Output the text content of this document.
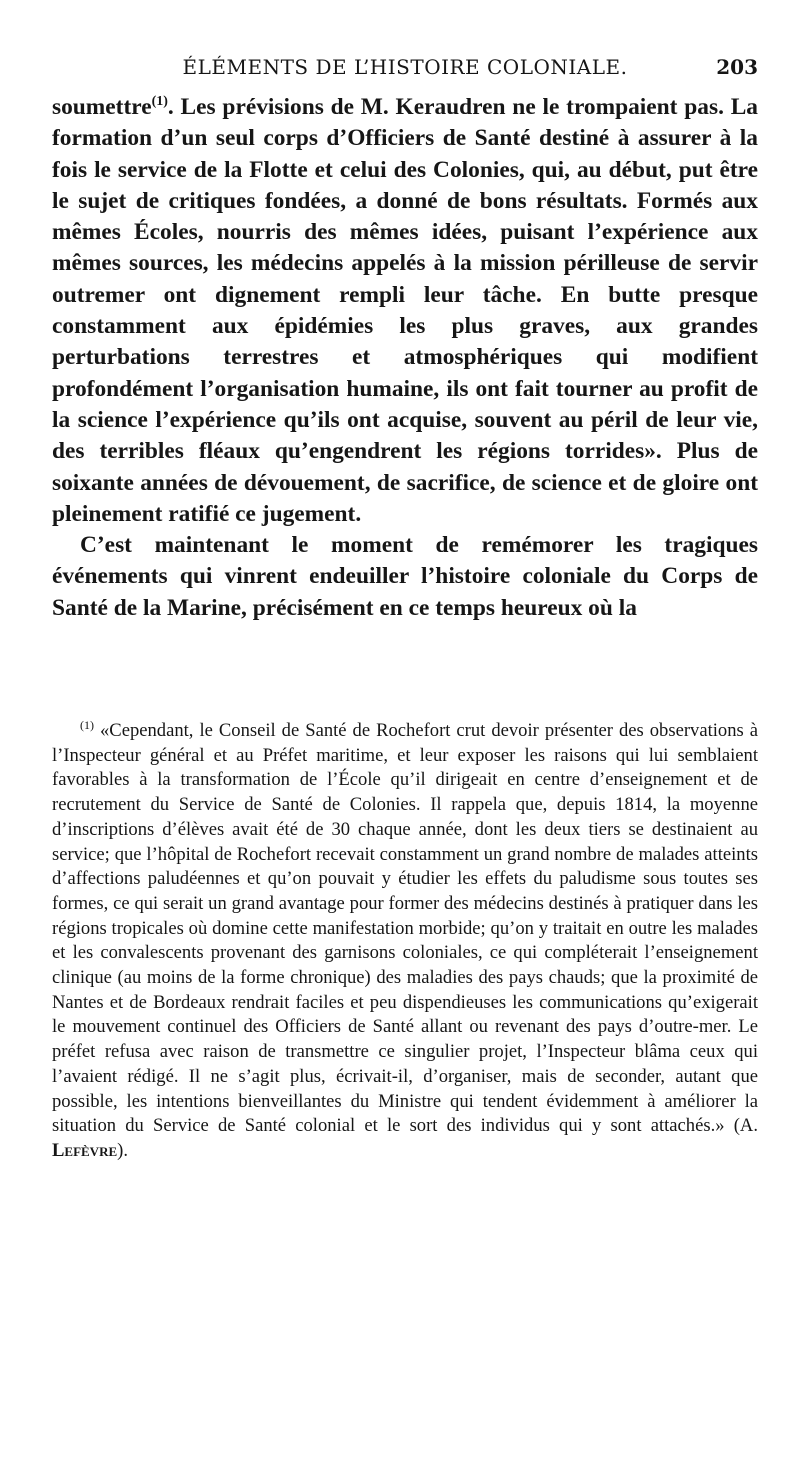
ÉLÉMENTS DE L’HISTOIRE COLONIALE.	203

soumettre$^{(1)}$. Les prévisions de M. Keraudren ne le trompaient pas. La formation d’un seul corps d’Officiers de Santé destiné à assurer à la fois le service de la Flotte et celui des Colonies, qui, au début, put être le sujet de critiques fondées, a donné de bons résultats. Formés aux mêmes Écoles, nourris des mêmes idées, puisant l’expérience aux mêmes sources, les médecins appelés à la mission périlleuse de servir outremer ont dignement rempli leur tâche. En butte presque constamment aux épidémies les plus graves, aux grandes perturbations terrestres et atmosphériques qui modifient profondément l’organisation humaine, ils ont fait tourner au profit de la science l’expérience qu’ils ont acquise, souvent au péril de leur vie, des terribles fléaux qu’engendrent les régions torrides». Plus de soixante années de dévouement, de sacrifice, de science et de gloire ont pleinement ratifié ce jugement.

C’est maintenant le moment de remémorer les tragiques événements qui vinrent endeuiller l’histoire coloniale du Corps de Santé de la Marine, précisément en ce temps heureux où la

$^{(1)}$ «Cependant, le Conseil de Santé de Rochefort crut devoir présenter des observations à l’Inspecteur général et au Préfet maritime, et leur exposer les raisons qui lui semblaient favorables à la transformation de l’École qu’il dirigeait en centre d’enseignement et de recrutement du Service de Santé de Colonies. Il rappela que, depuis 1814, la moyenne d’inscriptions d’élèves avait été de 30 chaque année, dont les deux tiers se destinaient au service; que l’hôpital de Rochefort recevait constamment un grand nombre de malades atteints d’affections paludéennes et qu’on pouvait y étudier les effets du paludisme sous toutes ses formes, ce qui serait un grand avantage pour former des médecins destinés à pratiquer dans les régions tropicales où domine cette manifestation morbide; qu’on y traitait en outre les malades et les convalescents provenant des garnisons coloniales, ce qui compléterait l’enseignement clinique (au moins de la forme chronique) des maladies des pays chauds; que la proximité de Nantes et de Bordeaux rendrait faciles et peu dispendieuses les communications qu’exigerait le mouvement continuel des Officiers de Santé allant ou revenant des pays d’outre-mer. Le préfet refusa avec raison de transmettre ce singulier projet, l’Inspecteur blâma ceux qui l’avaient rédigé. Il ne s’agit plus, écrivait-il, d’organiser, mais de seconder, autant que possible, les intentions bienveillantes du Ministre qui tendent évidemment à améliorer la situation du Service de Santé colonial et le sort des individus qui y sont attachés.» (A. Lefèvre).
